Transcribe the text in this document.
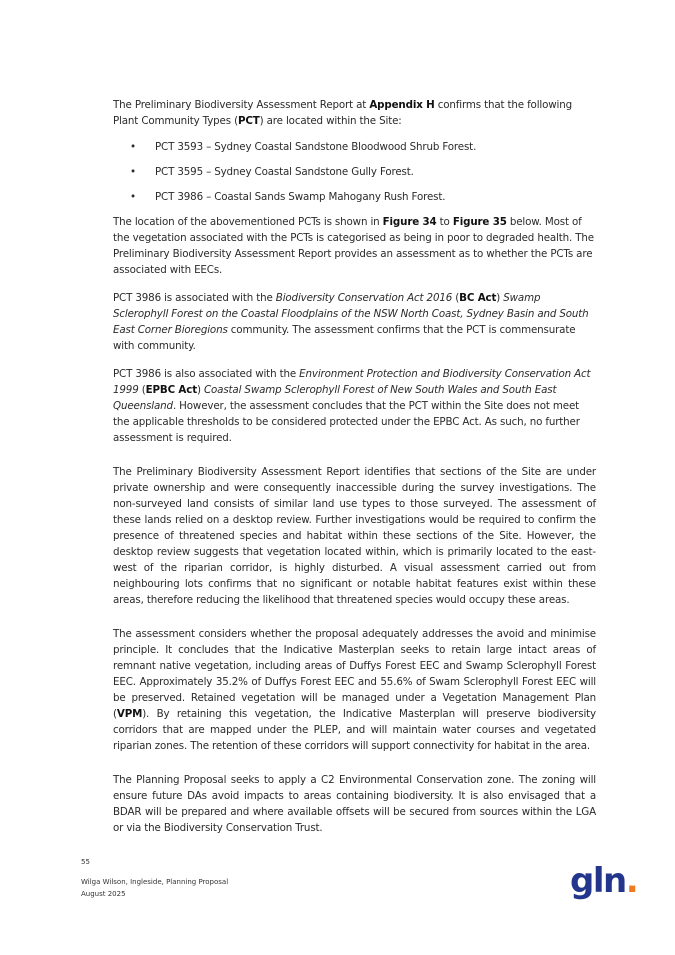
The Preliminary Biodiversity Assessment Report at Appendix H confirms that the following Plant Community Types (PCT) are located within the Site:

• PCT 3593 – Sydney Coastal Sandstone Bloodwood Shrub Forest.
• PCT 3595 – Sydney Coastal Sandstone Gully Forest.
• PCT 3986 – Coastal Sands Swamp Mahogany Rush Forest.

The location of the abovementioned PCTs is shown in Figure 34 to Figure 35 below. Most of the vegetation associated with the PCTs is categorised as being in poor to degraded health. The Preliminary Biodiversity Assessment Report provides an assessment as to whether the PCTs are associated with EECs.

PCT 3986 is associated with the Biodiversity Conservation Act 2016 (BC Act) Swamp Sclerophyll Forest on the Coastal Floodplains of the NSW North Coast, Sydney Basin and South East Corner Bioregions community. The assessment confirms that the PCT is commensurate with community.

PCT 3986 is also associated with the Environment Protection and Biodiversity Conservation Act 1999 (EPBC Act) Coastal Swamp Sclerophyll Forest of New South Wales and South East Queensland. However, the assessment concludes that the PCT within the Site does not meet the applicable thresholds to be considered protected under the EPBC Act. As such, no further assessment is required.

The Preliminary Biodiversity Assessment Report identifies that sections of the Site are under private ownership and were consequently inaccessible during the survey investigations. The non-surveyed land consists of similar land use types to those surveyed. The assessment of these lands relied on a desktop review. Further investigations would be required to confirm the presence of threatened species and habitat within these sections of the Site. However, the desktop review suggests that vegetation located within, which is primarily located to the east-west of the riparian corridor, is highly disturbed. A visual assessment carried out from neighbouring lots confirms that no significant or notable habitat features exist within these areas, therefore reducing the likelihood that threatened species would occupy these areas.

The assessment considers whether the proposal adequately addresses the avoid and minimise principle. It concludes that the Indicative Masterplan seeks to retain large intact areas of remnant native vegetation, including areas of Duffys Forest EEC and Swamp Sclerophyll Forest EEC. Approximately 35.2% of Duffys Forest EEC and 55.6% of Swam Sclerophyll Forest EEC will be preserved. Retained vegetation will be managed under a Vegetation Management Plan (VPM). By retaining this vegetation, the Indicative Masterplan will preserve biodiversity corridors that are mapped under the PLEP, and will maintain water courses and vegetated riparian zones. The retention of these corridors will support connectivity for habitat in the area.

The Planning Proposal seeks to apply a C2 Environmental Conservation zone. The zoning will ensure future DAs avoid impacts to areas containing biodiversity. It is also envisaged that a BDAR will be prepared and where available offsets will be secured from sources within the LGA or via the Biodiversity Conservation Trust.

55
Wilga Wilson, Ingleside, Planning Proposal
August 2025	gln.
